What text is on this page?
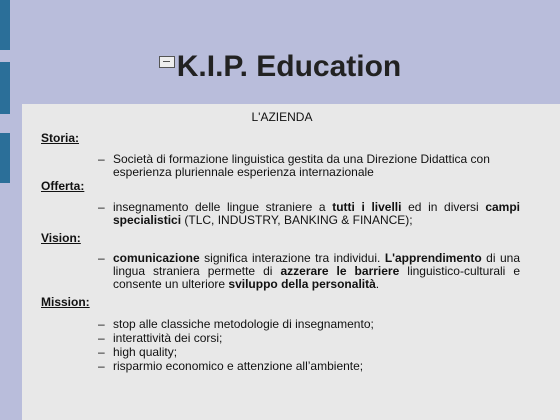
K.I.P. Education
L'AZIENDA
Storia:
– Società di formazione linguistica gestita da una Direzione Didattica con esperienza pluriennale esperienza internazionale
Offerta:
– insegnamento delle lingue straniere a tutti i livelli ed in diversi campi specialistici (TLC, INDUSTRY, BANKING & FINANCE);
Vision:
– comunicazione significa interazione tra individui. L'apprendimento di una lingua straniera permette di azzerare le barriere linguistico-culturali e consente un ulteriore sviluppo della personalità.
Mission:
– stop alle classiche metodologie di insegnamento;
– interattività dei corsi;
– high quality;
– risparmio economico e attenzione all’ambiente;
